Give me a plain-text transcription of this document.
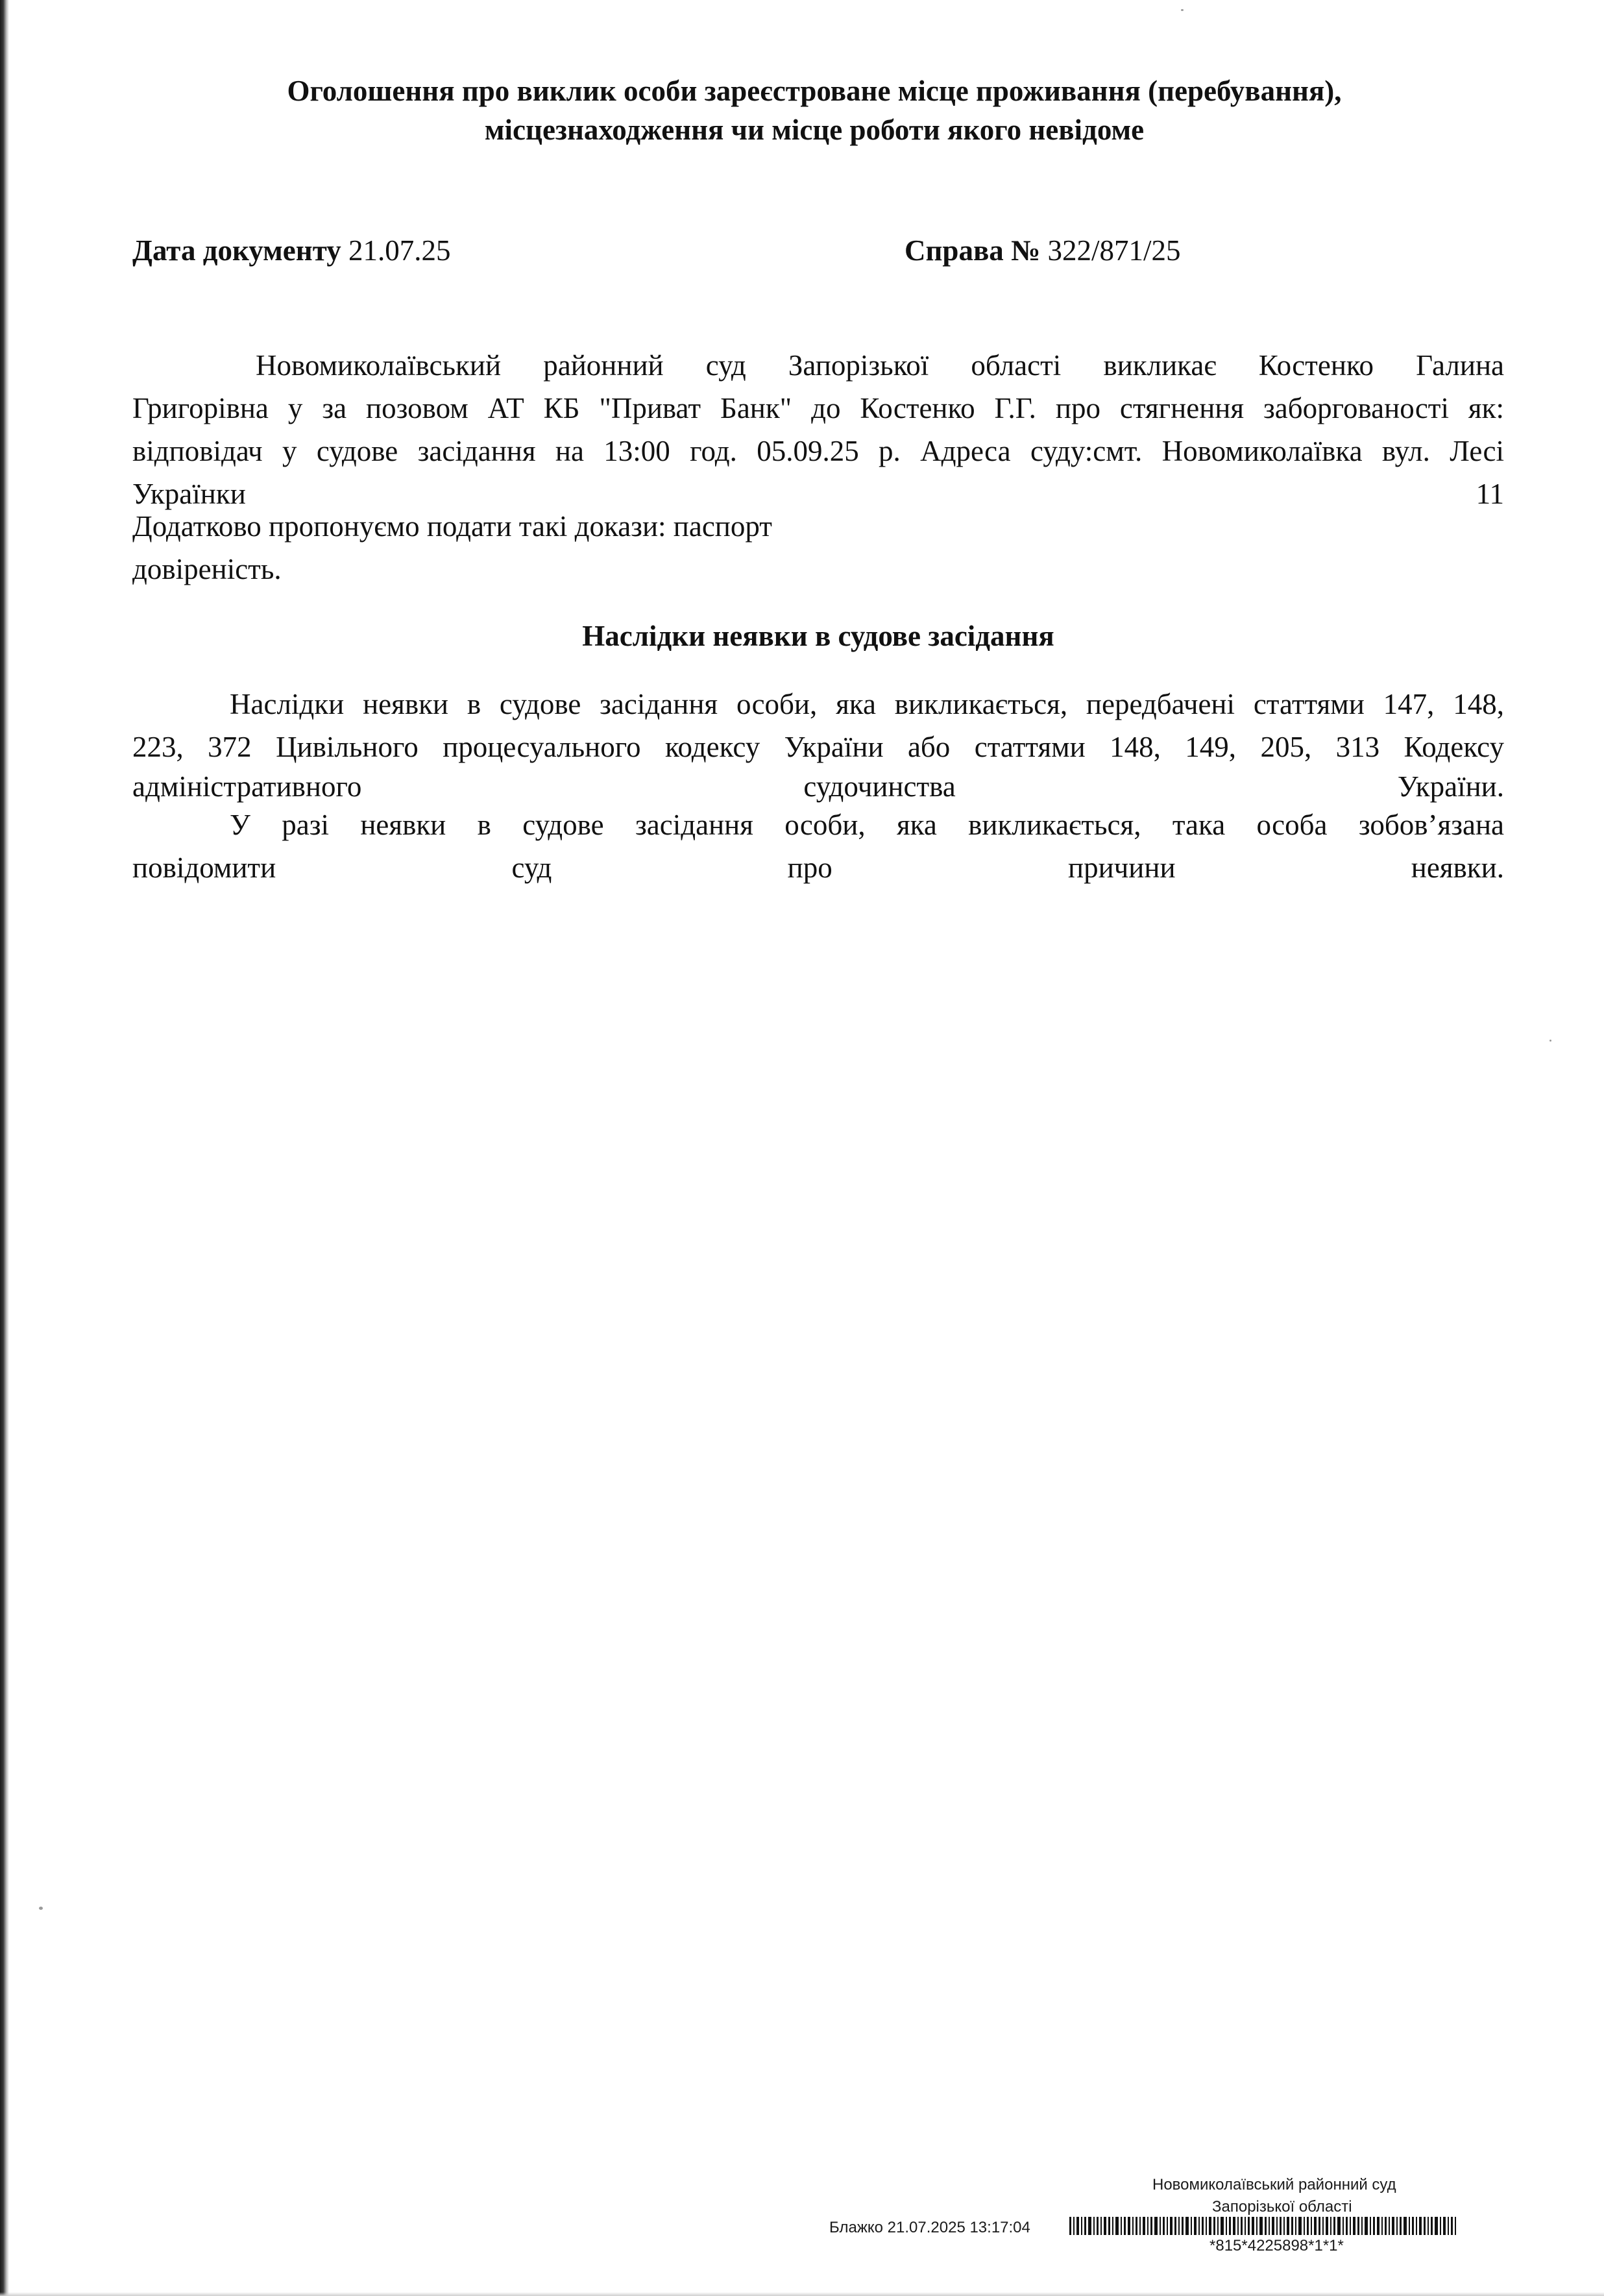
Оголошення про виклик особи зареєстроване місце проживання (перебування),
місцезнаходження чи місце роботи якого невідоме
Дата документу 21.07.25	Справа № 322/871/25
Новомиколаївський районний суд Запорізької області викликає Костенко Галина
Григорівна у за позовом АТ КБ "Приват Банк" до Костенко Г.Г. про стягнення заборгованості як:
відповідач у судове засідання на 13:00 год. 05.09.25 р. Адреса суду:смт. Новомиколаївка вул. Лесі
Українки 11
Додатково пропонуємо подати такі докази: паспорт
довіреність.
Наслідки неявки в судове засідання
Наслідки неявки в судове засідання особи, яка викликається, передбачені статтями 147, 148,
223, 372 Цивільного процесуального кодексу України або статтями 148, 149, 205, 313 Кодексу
адміністративного судочинства України.
У разі неявки в судове засідання особи, яка викликається, така особа зобов’язана
повідомити суд про причини неявки.
Новомиколаївський районний суд
Запорізької області
Блажко 21.07.2025 13:17:04
*815*4225898*1*1*
